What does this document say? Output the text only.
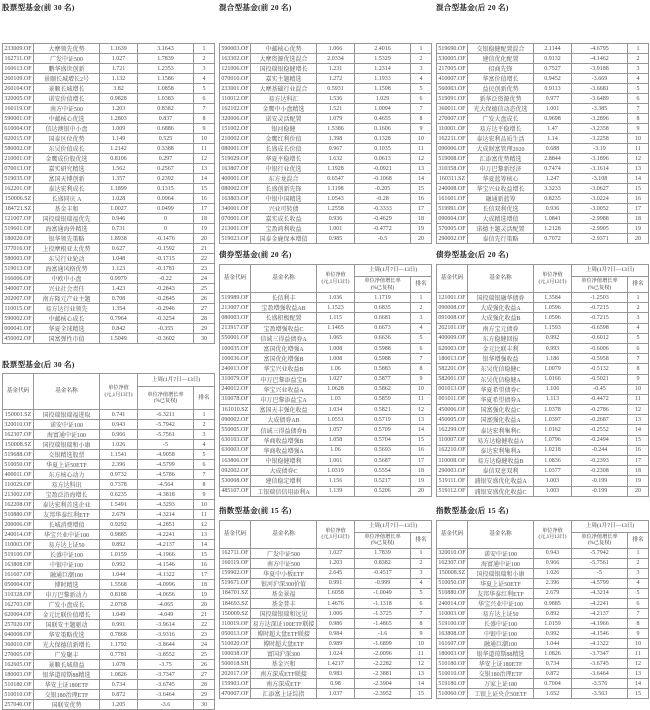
股票型基金(前 30 名)
233009.OF	大摩领先优势	1.1639	3.1643	1
162711.OF	广发中证500	1.027	1.7839	2
160613.OF	鹏华盛世创新	1.721	1.2353	3
260109.OF	景顺长城增长2号	1.132	1.1586	4
260104.OF	景顺长城增长	3.82	1.0858	5
320005.OF	诺安价值增长	0.9828	1.0383	6
160119.OF	南方中证500	1.203	0.8382	7
590001.OF	中邮核心优选	1.2803	0.837	8
610004.OF	信达澳银中小盘	1.009	0.6886	9
020015.OF	国泰区位优势	1.149	0.525	10
580002.OF	东吴价值成长	1.2142	0.3388	11
210001.OF	金鹰成份股优选	0.8106	0.297	12
070013.OF	嘉实研究精选	1.562	0.2567	13
519035.OF	富国天博创新	1.357	0.2392	14
162201.OF	泰达宏利成长	1.1899	0.1315	15
150006.SZ	长盛同庆 A	1.028	0.0964	16
184721.SZ	基金丰和	1.0027	0.0499	17
121007.OF	国投瑞银瑞福优先	0.946	0	18
519601.OF	海富通海外精选	0.731	0	19
180020.OF	银华领先策略	1.8938	-0.1476	20
377016.OF	上投摩根亚太优势	0.627	-0.1592	21
580003.OF	东吴行业轮动	1.048	-0.1715	22
519013.OF	海富通风格优势	1.123	-0.1781	23
166006.OF	中欧中小盘	0.9979	-0.22	24
340007.OF	兴业社会责任	1.423	-0.2843	25
202007.OF	南方隆元产业主题	0.708	-0.2845	26
110015.OF	易方达行业领先	1.354	-0.2946	27
590002.OF	中邮核心成长	0.7964	-0.3254	28
000041.OF	华夏全球精选	0.842	-0.355	29
450002.OF	国富弹性市值	1.5049	-0.3602	30
股票型基金(后 30 名)
基金代码	基金名称	单位净值
(元,1月13日)	上周(1月7日—13日)	

			单位净值增长率
(%已复权)	排名
150001.SZ	国投瑞银瑞福进取	0.741	-6.3211	1
320010.OF	诺安中证100	0.943	-5.7942	2
162307.OF	海富通中证100	0.966	-5.7561	3
150008.SZ	国投瑞银瑞和小康	1.026	-5	4
519688.OF	交银精选股票	1.1541	-4.9058	5
510050.OF	华夏上证50ETF	2.396	-4.5799	6
400011.OF	东方核心动力	0.9732	-4.5786	7
110029.OF	易方达科讯	0.7378	-4.564	8
213002.OF	宝盈泛沿海增长	0.6235	-4.3818	9
162208.OF	泰达宏利首选企业	1.5491	-4.3293	10
510880.OF	友邦华泰红利ETF	2.679	-4.3214	11
200006.OF	长城消费增值	0.9292	-4.2851	12
240014.OF	华宝兴业中证100	0.9885	-4.2241	13
110003.OF	易方达上证50	0.892	-4.2137	14
519100.OF	长盛中证100	1.0159	-4.1966	15
163808.OF	中银中证100	0.992	-4.1546	16
161607.OF	融通巨潮100	1.044	-4.1322	17
050004.OF	博时精选	1.5568	-4.0996	18
310328.OF	申万巴黎新动力	0.8188	-4.0656	19
162703.OF	广发小盘成长	2.0768	-4.065	20
620004.OF	金元比联价值增长	1.049	-4.049	21
257020.OF	国联安主题驱动	0.991	-3.9614	22
040008.OF	华安策略优选	0.7868	-3.9316	23
360010.OF	光大保德信新增长	1.1792	-3.8644	24
270005.OF	广发聚丰	0.7781	-3.8552	25
162605.OF	景顺长城鼎益	1.078	-3.75	26
180003.OF	银华道琼斯88精选	1.0826	-3.7347	27
510180.OF	华安上证180ETF	0.734	-3.6745	28
510010.OF	交银180治理ETF	0.872	-3.6464	29
257040.OF	国联安优势	1.205	-3.6	30
混合型基金(前 20 名)
590003.OF	中邮核心优势	1.066	2.4016	1
163302.OF	大摩资源优选混合	2.0334	1.5329	2
121006.OF	国投瑞银稳健增长	1.231	1.2314	3
070010.OF	嘉实主题精选	1.272	1.1933	4
233001.OF	大摩基础行业混合	0.5931	1.1598	5
110012.OF	易方达科汇	1.536	1.029	6
162102.OF	金鹰中小盘精选	1.521	1.0094	7
320006.OF	诺安灵活配置	1.079	0.4655	8
151002.OF	银河稳健	1.5386	0.1606	9
210002.OF	金鹰红利价值	1.398	0.1328	10
080001.OF	长盛成长价值	0.967	0.1035	11
519029.OF	华夏平稳增长	1.632	0.0613	12
163807.OF	中银行业优选	1.1928	-0.0921	13
400001.OF	东方龙混合	0.6547	-0.1068	14
080002.OF	长盛创新先锋	1.1198	-0.205	15
163803.OF	中银中国精选	1.0543	-0.28	16
340001.OF	兴业可转债	1.2558	-0.3333	17
070001.OF	嘉实成长收益	0.936	-0.4629	18
213001.OF	宝盈鸿利收益	1.001	-0.4772	19
519023.OF	国泰金鹿保本增值	0.985	-0.5	20
债券型基金(前 20 名)
基金代码	基金名称	单位净值
(元,1月13日)	上周(1月7日—13日)	

			单位净值增长率
(%已复权)	排名
519989.OF	长信利丰	1.036	1.1719	1
213007.OF	宝盈增强收益AB	1.1523	0.6835	2
080003.OF	长盛积极配置	1.115	0.6681	3
213917.OF	宝盈增强收益C	1.1465	0.6673	4
550001.OF	信诚三得益债券A	1.065	0.6636	5
100035.OF	富国优化增强A	1.008	0.5988	6
100036.OF	富国优化增强B	1.008	0.5988	7
240013.OF	华宝兴业收益B	1.06	0.5883	8
310079.OF	申万巴黎添益宝B	1.027	0.5877	9
240012.OF	华宝兴业收益A	1.0628	0.5862	10
310078.OF	申万巴黎添益宝A	1.03	0.5859	11
161010.SZ	富国天丰强化收益	1.034	0.5821	12
090002.OF	大成债券AB	1.0551	0.5719	13
550005.OF	信诚三得益债券B	1.057	0.5709	14
630103.OF	华商收益增强B	1.058	0.5704	15
630003.OF	华商收益增强A	1.06	0.5693	16
163806.OF	中银稳健增利	1.061	0.5687	17
092002.OF	大成债券C	1.0319	0.5554	18
530008.OF	建信稳定增利	1.156	0.5217	19
485107.OF	工银瑞信信用添利A	1.139	0.5206	20
指数型基金(前 15 名)
基金代码	基金名称	单位净值
(元,1月13日)	上周(1月7日—13日)	

			单位净值增长率
(%已复权)	排名
162711.OF	广发中证500	1.027	1.7839	1
160119.OF	南方中证500	1.203	0.8382	2
159902.OF	华夏中小板ETF	2.645	-0.4517	3
519671.OF	银河沪深300价值	0.991	-0.999	4
184701.SZ	基金景福	1.6058	-1.0049	5
184693.SZ	基金普丰	1.4676	-1.1318	6
150009.SZ	国投瑞银瑞和远见	1.006	-1.3725	7
110019.OF	易方达深证100ETF联接	0.986	-1.4865	8
050013.OF	博时超大盘ETF联接	0.984	-1.6	9
510020.OF	博时超大盘ETF	0.989	-1.6899	10
100038.OF	富国沪深300	1.024	-2.0096	11
500018.SH	基金兴和	1.4217	-2.2282	12
202017.OF	南方深成ETF联接	0.983	-2.3881	13
159903.OF	南方深成ETF	0.98	-2.3904	14
470007.OF	汇添富上证综指	1.037	-2.3952	15
混合型基金(后 20 名)
519690.OF	交银稳健配置混合	2.1144	-4.6795	1
530005.OF	建信优化配置	0.9132	-4.1462	2
217005.OF	招商先锋	0.7527	-3.9188	3
410007.OF	华富价值增长	0.9452	-3.669	4
560003.OF	益民创新优势	0.9113	-3.6681	5
519091.OF	新华泛资源优势	0.977	-3.6489	6
360011.OF	光大保德信动态优选	1.001	-3.385	7
270007.OF	广发大盘成长	0.9698	-3.2896	8
110001.OF	易方达平稳增长	1.47	-3.2358	9
162211.OF	泰达宏利品质生活	1.14	-3.2258	10
090006.OF	大成财富管理2020	0.688	-3.19	11
519008.OF	汇添富优势精选	2.8844	-3.1896	12
310358.OF	申万巴黎新经济	0.7474	-3.1614	13
160311.SZ	华夏蓝筹核心	1.247	-3.108	14
240008.OF	华宝兴业收益增长	3.3233	-3.0627	15
161601.OF	融通新蓝筹	0.8235	-3.0224	16
519991.OF	长信双利优选	0.936	-3.0052	17
090004.OF	大成精选增值	1.0841	-2.9988	18
570005.OF	诺德主题灵活配置	1.2128	-2.9905	19
290002.OF	泰信先行策略	0.7072	-2.9371	20
债券型基金(后 20 名)
基金代码	基金名称	单位净值
(元,1月13日)	上周(1月7日—13日)	

			单位净值增长率
(%已复权)	排名
121001.OF	国投瑞银融华债券	1.3584	-1.2503	1
090008.OF	大成强化收益A	1.0596	-0.7215	2
091008.OF	大成强化收益B	1.0596	-0.7215	3
202101.OF	南方宝元债券	1.1593	-0.6598	4
400009.OF	东方稳健回报	0.992	-0.6012	5
620003.OF	金元比联丰利	0.993	-0.6006	6
180013.OF	银华增强收益	1.186	-0.5958	7
582201.OF	东吴优信稳健C	1.0079	-0.5132	8
582001.OF	东吴优信稳健A	1.0166	-0.5021	9
001013.OF	华夏希望债券C	1.106	-0.45	10
001011.OF	华夏希望债券A	1.113	-0.4472	11
450006.OF	国富强化收益C	1.0378	-0.2786	12
450005.OF	国富强化收益A	1.0397	-0.2687	13
162299.OF	泰达宏利集利C	1.0162	-0.2552	14
110007.OF	易方达稳健收益A	1.0796	-0.2494	15
162210.OF	泰达宏利集利A	1.0218	-0.244	16
110008.OF	易方达稳健收益B	1.0836	-0.2393	17
290003.OF	泰信双息双利	1.0377	-0.2308	18
519111.OF	浦银安盛优化收益A	1.003	-0.199	19
519112.OF	浦银安盛优化收益C	1.003	-0.199	20
指数型基金(后 15 名)
基金代码	基金名称	单位净值
(元,1月13日)	上周(1月7日—13日)	

			单位净值增长率
(%已复权)	排名
320010.OF	诺安中证100	0.943	-5.7942	1
162307.OF	海富通中证100	0.966	-5.7561	2
150008.SZ	国投瑞银瑞和小康	1.026	-5	3
510050.OF	华夏上证50ETF	2.396	-4.5799	4
510880.OF	友邦华泰红利ETF	2.679	-4.3214	5
240014.OF	华宝兴业中证100	0.9885	-4.2241	6
110003.OF	易方达上证50	0.892	-4.2137	7
519100.OF	长盛中证100	1.0159	-4.1966	8
163808.OF	中银中证100	0.992	-4.1546	9
161607.OF	融通巨潮100	1.044	-4.1322	10
180003.OF	银华道琼斯88精选	1.0826	-3.7347	11
510180.OF	华安上证180ETF	0.734	-3.6745	12
510010.OF	交银180治理ETF	0.872	-3.6464	13
519180.OF	万家上证180	0.7004	-3.576	14
510060.OF	工银上证央企50ETF	1.652	-3.563	15
